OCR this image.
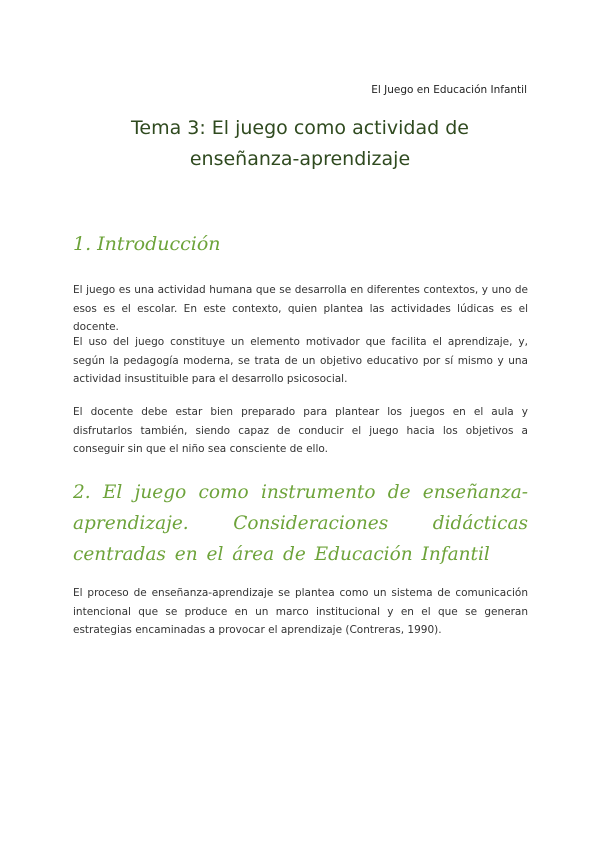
El Juego en Educación Infantil
Tema 3: El juego como actividad de
enseñanza-aprendizaje
1. Introducción

El juego es una actividad humana que se desarrolla en diferentes contextos, y uno de esos es el escolar. En este contexto, quien plantea las actividades lúdicas es el docente.

El uso del juego constituye un elemento motivador que facilita el aprendizaje, y, según la pedagogía moderna, se trata de un objetivo educativo por sí mismo y una actividad insustituible para el desarrollo psicosocial.

El docente debe estar bien preparado para plantear los juegos en el aula y disfrutarlos también, siendo capaz de conducir el juego hacia los objetivos a conseguir sin que el niño sea consciente de ello.

2. El juego como instrumento de enseñanza-aprendizaje. Consideraciones didácticas centradas en el área de Educación Infantil

El proceso de enseñanza-aprendizaje se plantea como un sistema de comunicación intencional que se produce en un marco institucional y en el que se generan estrategias encaminadas a provocar el aprendizaje (Contreras, 1990).
